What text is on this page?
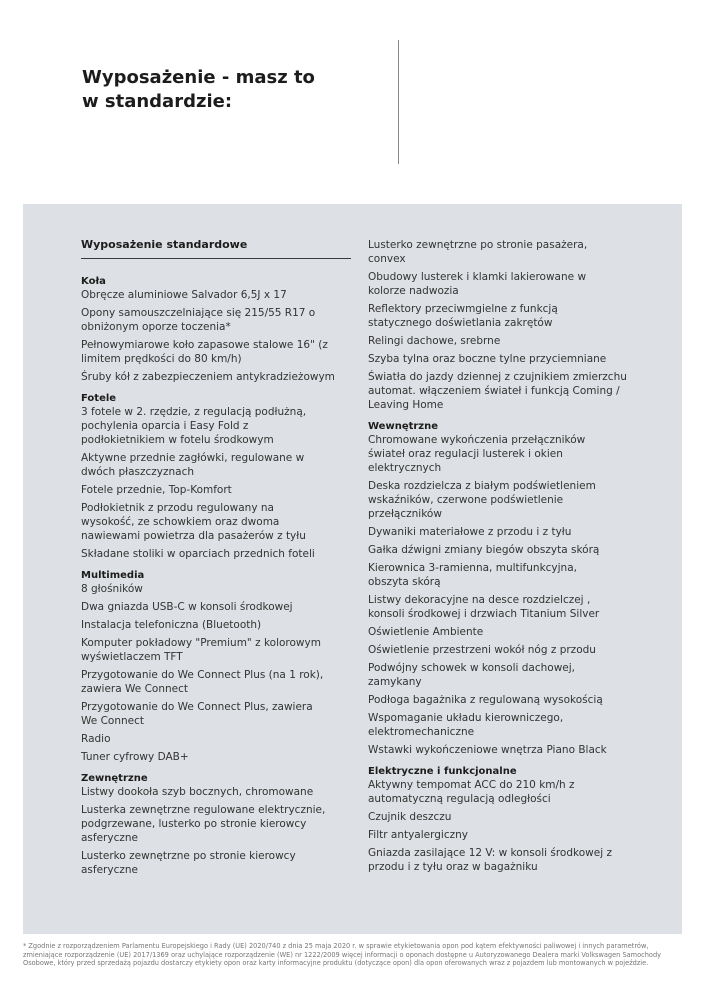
Wyposażenie - masz to
w standardzie:
Wyposażenie standardowe
Koła
Obręcze aluminiowe Salvador 6,5J x 17
Opony samouszczelniające się 215/55 R17 o
obniżonym oporze toczenia*
Pełnowymiarowe koło zapasowe stalowe 16" (z
limitem prędkości do 80 km/h)
Śruby kół z zabezpieczeniem antykradzieżowym
Fotele
3 fotele w 2. rzędzie, z regulacją podłużną,
pochylenia oparcia i Easy Fold z
podłokietnikiem w fotelu środkowym
Aktywne przednie zagłówki, regulowane w
dwóch płaszczyznach
Fotele przednie, Top-Komfort
Podłokietnik z przodu regulowany na
wysokość, ze schowkiem oraz dwoma
nawiewami powietrza dla pasażerów z tyłu
Składane stoliki w oparciach przednich foteli
Multimedia
8 głośników
Dwa gniazda USB-C w konsoli środkowej
Instalacja telefoniczna (Bluetooth)
Komputer pokładowy "Premium" z kolorowym
wyświetlaczem TFT
Przygotowanie do We Connect Plus (na 1 rok),
zawiera We Connect
Przygotowanie do We Connect Plus, zawiera
We Connect
Radio
Tuner cyfrowy DAB+
Zewnętrzne
Listwy dookoła szyb bocznych, chromowane
Lusterka zewnętrzne regulowane elektrycznie,
podgrzewane, lusterko po stronie kierowcy
asferyczne
Lusterko zewnętrzne po stronie kierowcy
asferyczne
Lusterko zewnętrzne po stronie pasażera,
convex
Obudowy lusterek i klamki lakierowane w
kolorze nadwozia
Reflektory przeciwmgielne z funkcją
statycznego doświetlania zakrętów
Relingi dachowe, srebrne
Szyba tylna oraz boczne tylne przyciemniane
Światła do jazdy dziennej z czujnikiem zmierzchu
automat. włączeniem świateł i funkcją Coming /
Leaving Home
Wewnętrzne
Chromowane wykończenia przełączników
świateł oraz regulacji lusterek i okien
elektrycznych
Deska rozdzielcza z białym podświetleniem
wskaźników, czerwone podświetlenie
przełączników
Dywaniki materiałowe z przodu i z tyłu
Gałka dźwigni zmiany biegów obszyta skórą
Kierownica 3-ramienna, multifunkcyjna,
obszyta skórą
Listwy dekoracyjne na desce rozdzielczej ,
konsoli środkowej i drzwiach Titanium Silver
Oświetlenie Ambiente
Oświetlenie przestrzeni wokół nóg z przodu
Podwójny schowek w konsoli dachowej,
zamykany
Podłoga bagażnika z regulowaną wysokością
Wspomaganie układu kierowniczego,
elektromechaniczne
Wstawki wykończeniowe wnętrza Piano Black
Elektryczne i funkcjonalne
Aktywny tempomat ACC do 210 km/h z
automatyczną regulacją odległości
Czujnik deszczu
Filtr antyalergiczny
Gniazda zasilające 12 V: w konsoli środkowej z
przodu i z tyłu oraz w bagażniku
* Zgodnie z rozporządzeniem Parlamentu Europejskiego i Rady (UE) 2020/740 z dnia 25 maja 2020 r. w sprawie etykietowania opon pod kątem efektywności paliwowej i innych parametrów, zmieniające rozporządzenie (UE) 2017/1369 oraz uchylające rozporządzenie (WE) nr 1222/2009 więcej informacji o oponach dostępne u Autoryzowanego Dealera marki Volkswagen Samochody Osobowe, który przed sprzedażą pojazdu dostarczy etykiety opon oraz karty informacyjne produktu (dotyczące opon) dla opon oferowanych wraz z pojazdem lub montowanych w pojeździe.
